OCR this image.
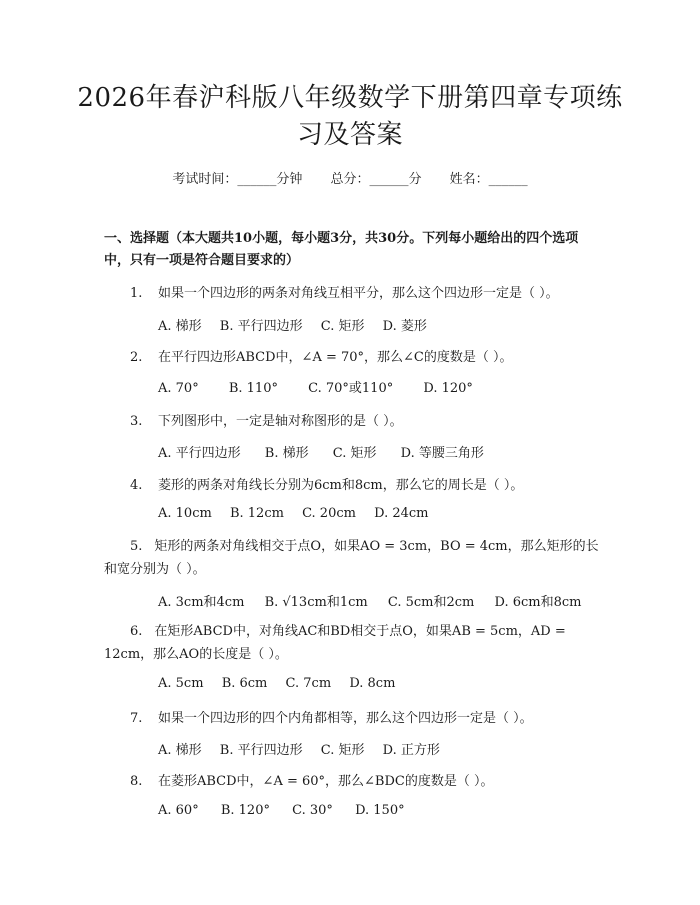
2026年春沪科版八年级数学下册第四章专项练习及答案
考试时间：______分钟 总分：______分 姓名：______
一、选择题（本大题共10小题，每小题3分，共30分。下列每小题给出的四个选项中，只有一项是符合题目要求的）
1. 如果一个四边形的两条对角线互相平分，那么这个四边形一定是（ ）。
A. 梯形 B. 平行四边形 C. 矩形 D. 菱形
2. 在平行四边形ABCD中，∠A = 70°，那么∠C的度数是（ ）。
A. 70° B. 110° C. 70°或110° D. 120°
3. 下列图形中，一定是轴对称图形的是（ ）。
A. 平行四边形 B. 梯形 C. 矩形 D. 等腰三角形
4. 菱形的两条对角线长分别为6cm和8cm，那么它的周长是（ ）。
A. 10cm B. 12cm C. 20cm D. 24cm
5. 矩形的两条对角线相交于点O，如果AO = 3cm，BO = 4cm，那么矩形的长和宽分别为（ ）。
A. 3cm和4cm B. √13cm和1cm C. 5cm和2cm D. 6cm和8cm
6. 在矩形ABCD中，对角线AC和BD相交于点O，如果AB = 5cm，AD = 12cm，那么AO的长度是（ ）。
A. 5cm B. 6cm C. 7cm D. 8cm
7. 如果一个四边形的四个内角都相等，那么这个四边形一定是（ ）。
A. 梯形 B. 平行四边形 C. 矩形 D. 正方形
8. 在菱形ABCD中，∠A = 60°，那么∠BDC的度数是（ ）。
A. 60° B. 120° C. 30° D. 150°
